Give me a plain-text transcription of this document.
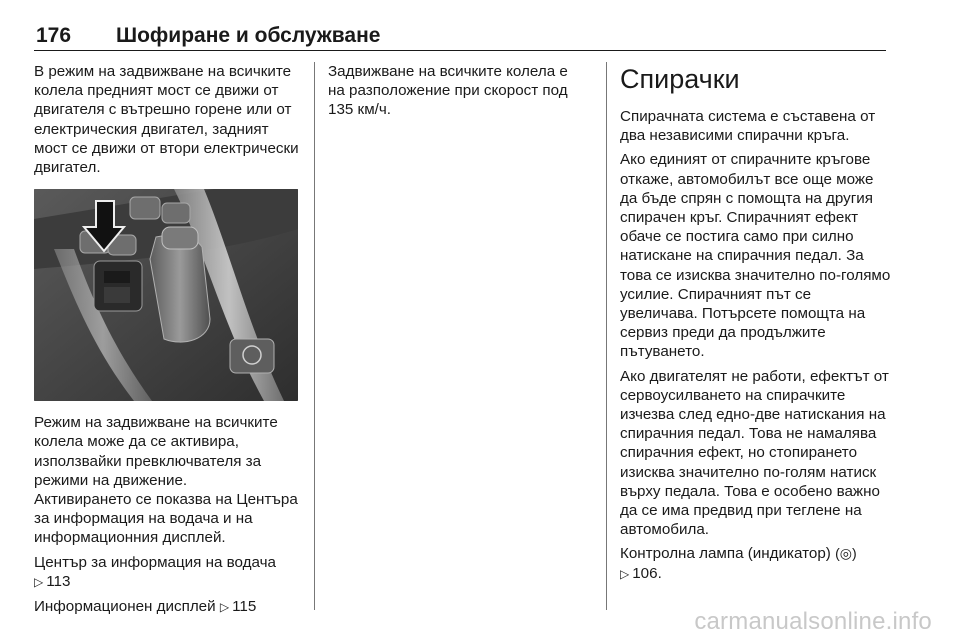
176 Шофиране и обслужване

В режим на задвижване на всичките колела предният мост се движи от двигателя с вътрешно горене или от електрическия двигател, задният мост се движи от втори електрически двигател.

Режим на задвижване на всичките колела може да се активира, използвайки превключвателя за режими на движение.

Активирането се показва на Центъра за информация на водача и на информационния дисплей.

Център за информация на водача
▷ 113

Информационен дисплей ▷ 115

Задвижване на всичките колела е на разположение при скорост под 135 км/ч.

Спирачки

Спирачната система е съставена от два независими спирачни кръга.

Ако единият от спирачните кръгове откаже, автомобилът все още може да бъде спрян с помощта на другия спирачен кръг. Спирачният ефект обаче се постига само при силно натискане на спирачния педал. За това се изисква значително по-голямо усилие. Спирачният път се увеличава. Потърсете помощта на сервиз преди да продължите пътуването.

Ако двигателят не работи, ефектът от сервоусилването на спирачките изчезва след едно-две натискания на спирачния педал. Това не намалява спирачния ефект, но стопирането изисква значително по-голям натиск върху педала. Това е особено важно да се има предвид при теглене на автомобила.

Контролна лампа (индикатор) (◎)
▷ 106.

carmanualsonline.info
